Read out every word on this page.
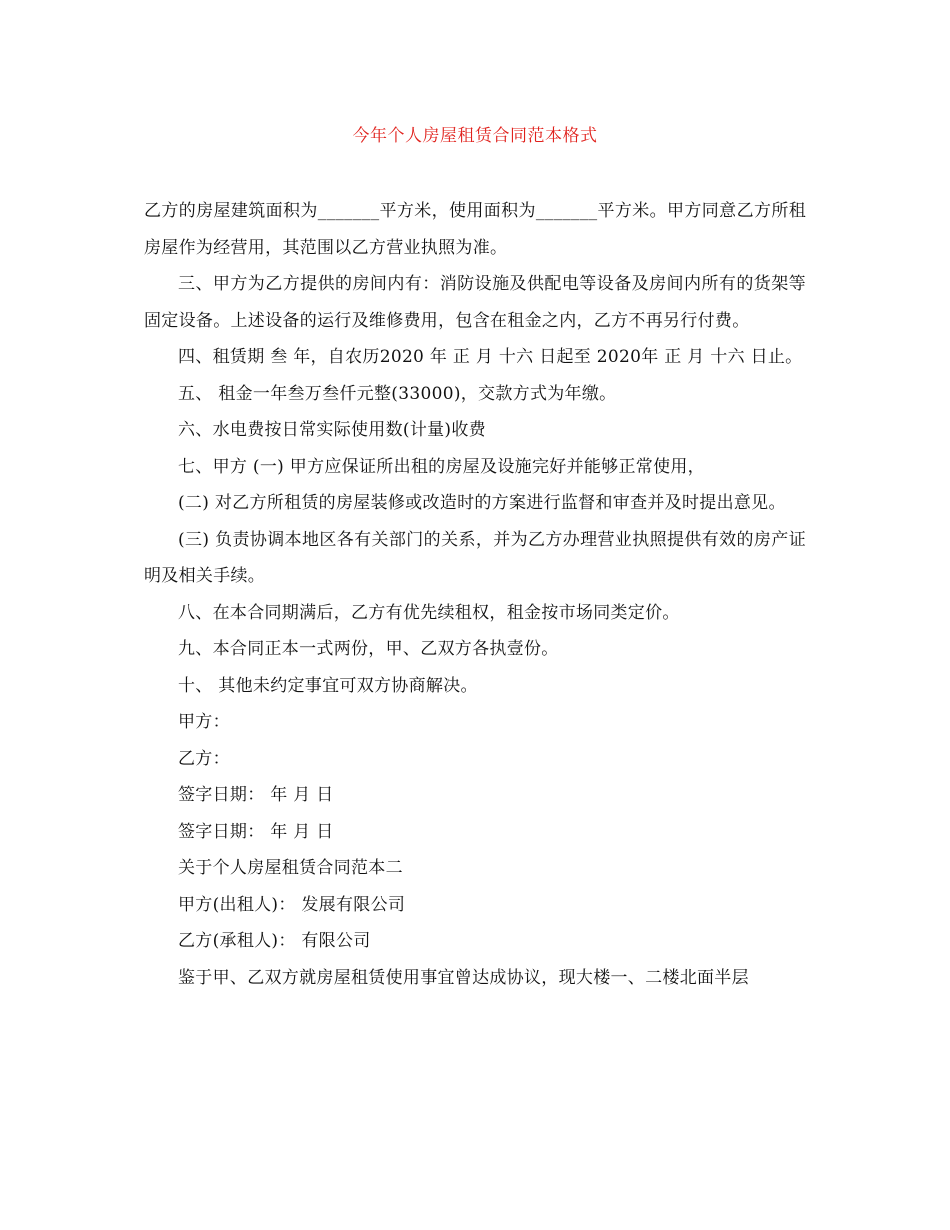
今年个人房屋租赁合同范本格式

乙方的房屋建筑面积为_______平方米，使用面积为_______平方米。甲方同意乙方所租房屋作为经营用，其范围以乙方营业执照为准。

三、甲方为乙方提供的房间内有：消防设施及供配电等设备及房间内所有的货架等固定设备。上述设备的运行及维修费用，包含在租金之内，乙方不再另行付费。

四、租赁期 叁 年，自农历2020 年 正 月 十六 日起至 2020年 正 月 十六 日止。

五、 租金一年叁万叁仟元整(33000)，交款方式为年缴。

六、水电费按日常实际使用数(计量)收费

七、甲方 (一) 甲方应保证所出租的房屋及设施完好并能够正常使用，

(二) 对乙方所租赁的房屋装修或改造时的方案进行监督和审查并及时提出意见。

(三) 负责协调本地区各有关部门的关系，并为乙方办理营业执照提供有效的房产证明及相关手续。

八、在本合同期满后，乙方有优先续租权，租金按市场同类定价。

九、本合同正本一式两份，甲、乙双方各执壹份。

十、 其他未约定事宜可双方协商解决。

甲方：

乙方：

签字日期： 年 月 日

签字日期： 年 月 日

关于个人房屋租赁合同范本二

甲方(出租人)： 发展有限公司

乙方(承租人)： 有限公司

鉴于甲、乙双方就房屋租赁使用事宜曾达成协议，现大楼一、二楼北面半层
